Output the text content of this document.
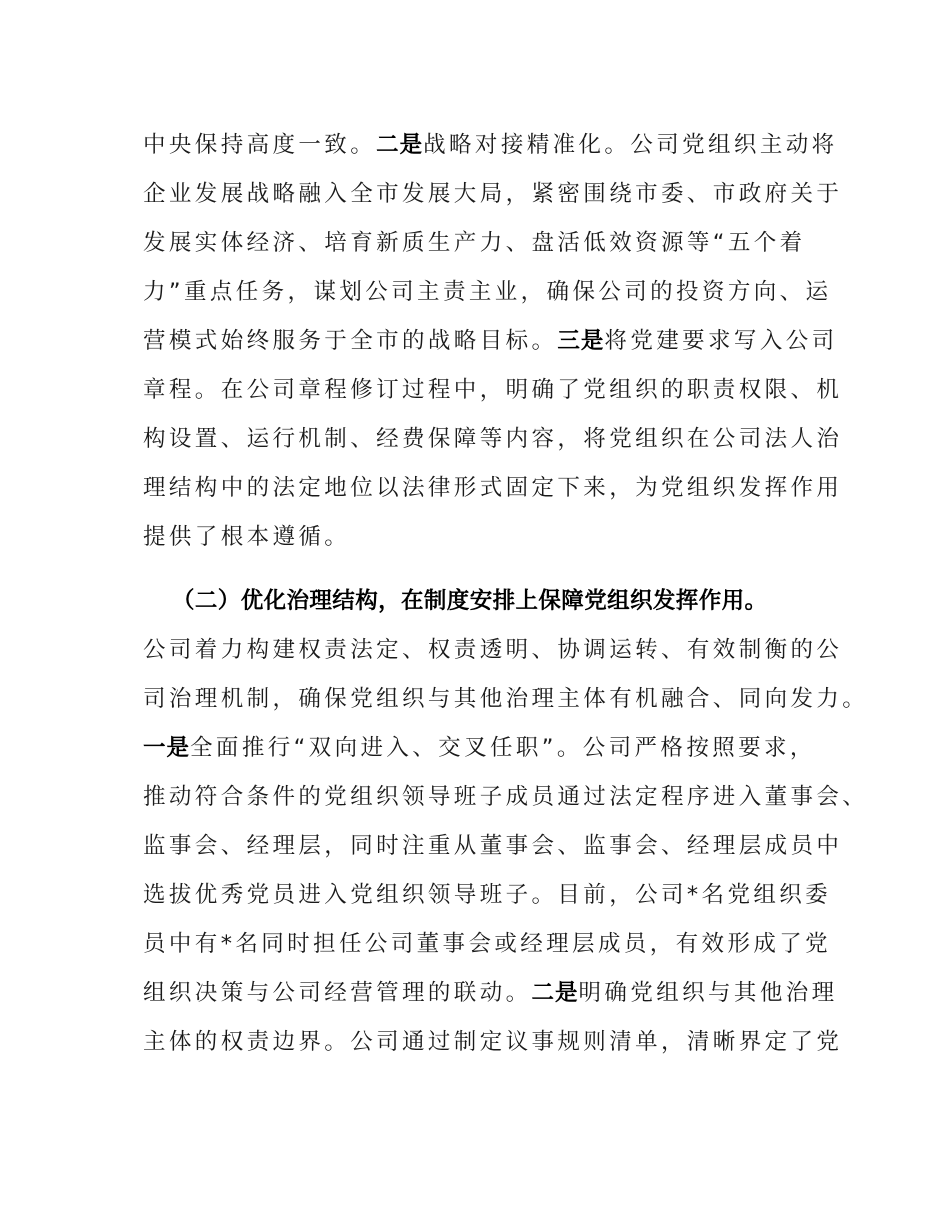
中央保持高度一致。二是战略对接精准化。公司党组织主动将
企业发展战略融入全市发展大局，紧密围绕市委、市政府关于
发展实体经济、培育新质生产力、盘活低效资源等“五个着
力”重点任务，谋划公司主责主业，确保公司的投资方向、运
营模式始终服务于全市的战略目标。三是将党建要求写入公司
章程。在公司章程修订过程中，明确了党组织的职责权限、机
构设置、运行机制、经费保障等内容，将党组织在公司法人治
理结构中的法定地位以法律形式固定下来，为党组织发挥作用
提供了根本遵循。
（二）优化治理结构，在制度安排上保障党组织发挥作用。
公司着力构建权责法定、权责透明、协调运转、有效制衡的公
司治理机制，确保党组织与其他治理主体有机融合、同向发力。
一是全面推行“双向进入、交叉任职”。公司严格按照要求，
推动符合条件的党组织领导班子成员通过法定程序进入董事会、
监事会、经理层，同时注重从董事会、监事会、经理层成员中
选拔优秀党员进入党组织领导班子。目前，公司*名党组织委
员中有*名同时担任公司董事会或经理层成员，有效形成了党
组织决策与公司经营管理的联动。二是明确党组织与其他治理
主体的权责边界。公司通过制定议事规则清单，清晰界定了党
